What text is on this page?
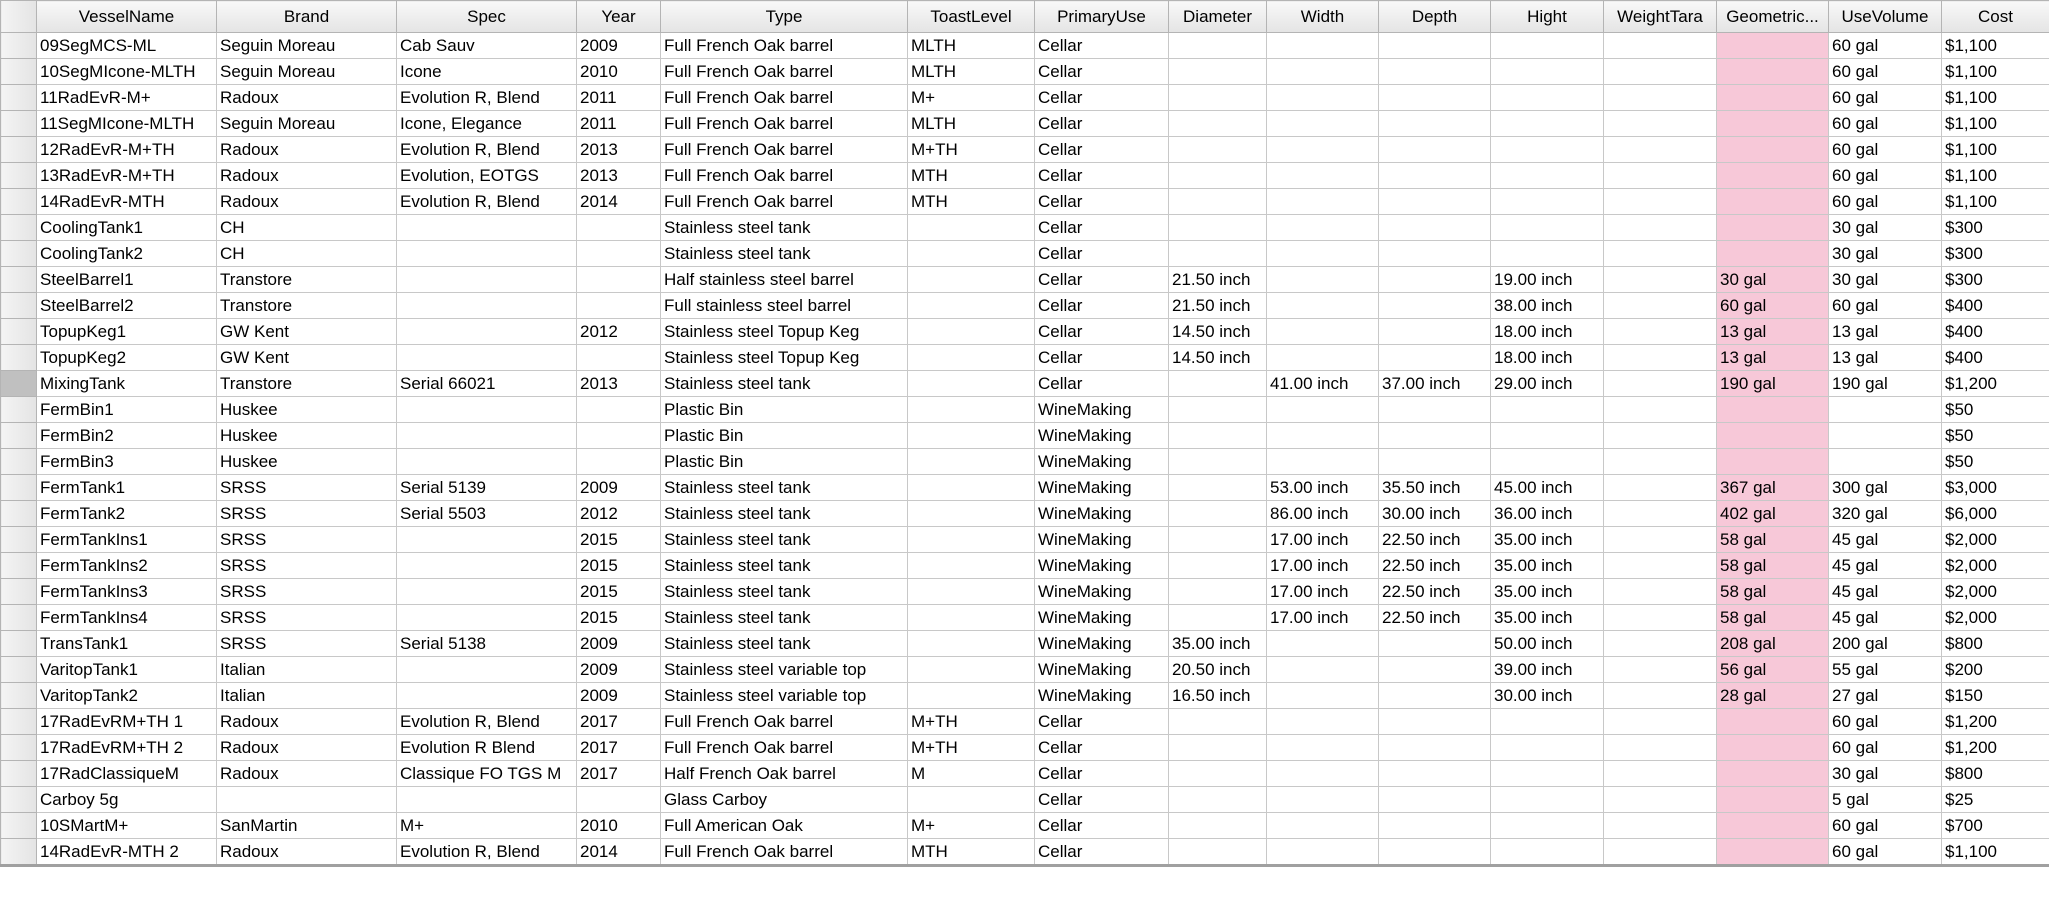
	VesselName	Brand	Spec	Year	Type	ToastLevel	PrimaryUse	Diameter	Width	Depth	Hight	WeightTara	Geometric...	UseVolume	Cost
	09SegMCS-ML	Seguin Moreau	Cab Sauv	2009	Full French Oak barrel	MLTH	Cellar							60 gal	$1,100
	10SegMIcone-MLTH	Seguin Moreau	Icone	2010	Full French Oak barrel	MLTH	Cellar							60 gal	$1,100
	11RadEvR-M+	Radoux	Evolution R, Blend	2011	Full French Oak barrel	M+	Cellar							60 gal	$1,100
	11SegMIcone-MLTH	Seguin Moreau	Icone, Elegance	2011	Full French Oak barrel	MLTH	Cellar							60 gal	$1,100
	12RadEvR-M+TH	Radoux	Evolution R, Blend	2013	Full French Oak barrel	M+TH	Cellar							60 gal	$1,100
	13RadEvR-M+TH	Radoux	Evolution, EOTGS	2013	Full French Oak barrel	MTH	Cellar							60 gal	$1,100
	14RadEvR-MTH	Radoux	Evolution R, Blend	2014	Full French Oak barrel	MTH	Cellar							60 gal	$1,100
	CoolingTank1	CH			Stainless steel tank		Cellar							30 gal	$300
	CoolingTank2	CH			Stainless steel tank		Cellar							30 gal	$300
	SteelBarrel1	Transtore			Half stainless steel barrel		Cellar	21.50 inch			19.00 inch		30 gal	30 gal	$300
	SteelBarrel2	Transtore			Full stainless steel barrel		Cellar	21.50 inch			38.00 inch		60 gal	60 gal	$400
	TopupKeg1	GW Kent		2012	Stainless steel Topup Keg		Cellar	14.50 inch			18.00 inch		13 gal	13 gal	$400
	TopupKeg2	GW Kent			Stainless steel Topup Keg		Cellar	14.50 inch			18.00 inch		13 gal	13 gal	$400
	MixingTank	Transtore	Serial 66021	2013	Stainless steel tank		Cellar		41.00 inch	37.00 inch	29.00 inch		190 gal	190 gal	$1,200
	FermBin1	Huskee			Plastic Bin		WineMaking								$50
	FermBin2	Huskee			Plastic Bin		WineMaking								$50
	FermBin3	Huskee			Plastic Bin		WineMaking								$50
	FermTank1	SRSS	Serial 5139	2009	Stainless steel tank		WineMaking		53.00 inch	35.50 inch	45.00 inch		367 gal	300 gal	$3,000
	FermTank2	SRSS	Serial 5503	2012	Stainless steel tank		WineMaking		86.00 inch	30.00 inch	36.00 inch		402 gal	320 gal	$6,000
	FermTankIns1	SRSS		2015	Stainless steel tank		WineMaking		17.00 inch	22.50 inch	35.00 inch		58 gal	45 gal	$2,000
	FermTankIns2	SRSS		2015	Stainless steel tank		WineMaking		17.00 inch	22.50 inch	35.00 inch		58 gal	45 gal	$2,000
	FermTankIns3	SRSS		2015	Stainless steel tank		WineMaking		17.00 inch	22.50 inch	35.00 inch		58 gal	45 gal	$2,000
	FermTankIns4	SRSS		2015	Stainless steel tank		WineMaking		17.00 inch	22.50 inch	35.00 inch		58 gal	45 gal	$2,000
	TransTank1	SRSS	Serial 5138	2009	Stainless steel tank		WineMaking	35.00 inch			50.00 inch		208 gal	200 gal	$800
	VaritopTank1	Italian		2009	Stainless steel variable top		WineMaking	20.50 inch			39.00 inch		56 gal	55 gal	$200
	VaritopTank2	Italian		2009	Stainless steel variable top		WineMaking	16.50 inch			30.00 inch		28 gal	27 gal	$150
	17RadEvRM+TH 1	Radoux	Evolution R, Blend	2017	Full French Oak barrel	M+TH	Cellar							60 gal	$1,200
	17RadEvRM+TH 2	Radoux	Evolution R Blend	2017	Full French Oak barrel	M+TH	Cellar							60 gal	$1,200
	17RadClassiqueM	Radoux	Classique FO TGS M	2017	Half French Oak barrel	M	Cellar							30 gal	$800
	Carboy 5g				Glass Carboy		Cellar							5 gal	$25
	10SMartM+	SanMartin	M+	2010	Full American Oak	M+	Cellar							60 gal	$700
	14RadEvR-MTH 2	Radoux	Evolution R, Blend	2014	Full French Oak barrel	MTH	Cellar							60 gal	$1,100
